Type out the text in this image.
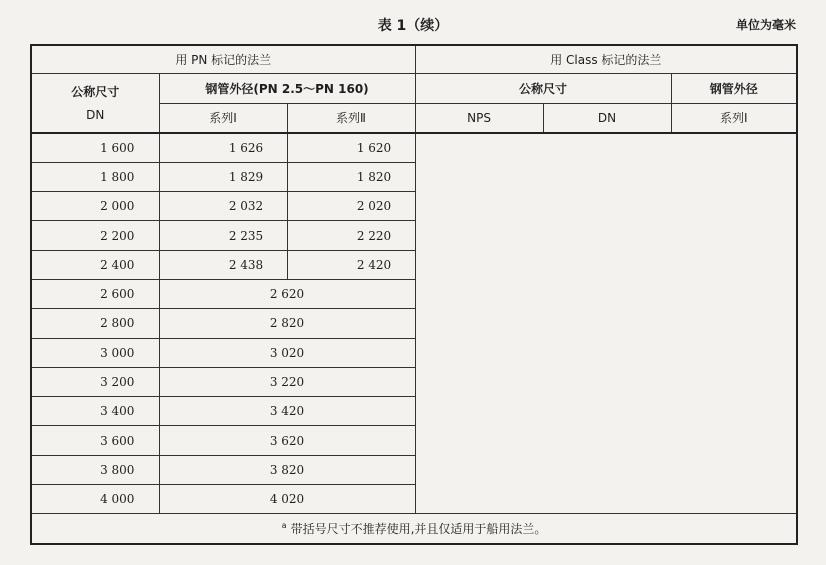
表 1（续）	单位为毫米
用 PN 标记的法兰			用 Class 标记的法兰		

公称尺寸
DN	钢管外径(PN 2.5～PN 160)		公称尺寸		钢管外径
	系列Ⅰ	系列Ⅱ	NPS	DN	系列Ⅰ
1 600	1 626	1 620			
1 800	1 829	1 820			
2 000	2 032	2 020			
2 200	2 235	2 220			
2 400	2 438	2 420			
2 600	2 620				
2 800	2 820				
3 000	3 020				
3 200	3 220				
3 400	3 420				
3 600	3 620				
3 800	3 820				
4 000	4 020				
$^a$ 带括号尺寸不推荐使用,并且仅适用于船用法兰。					
